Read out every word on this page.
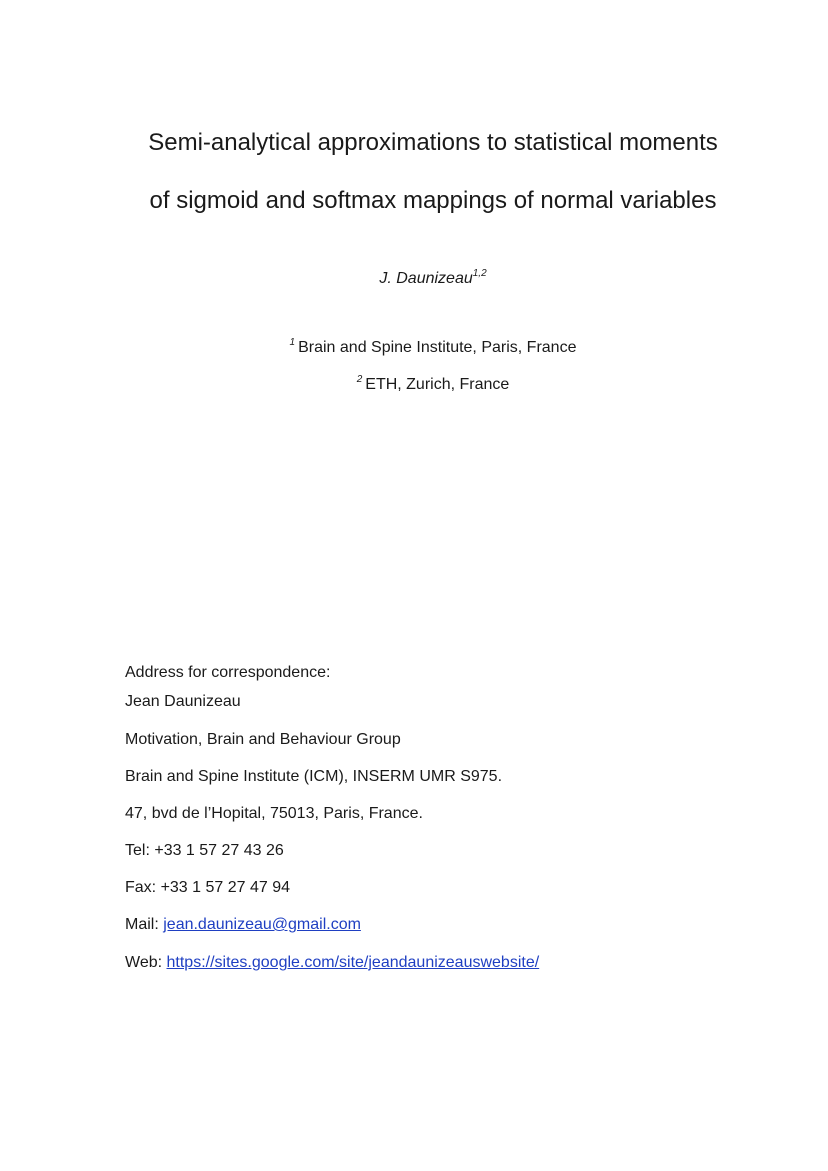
Semi-analytical approximations to statistical moments
of sigmoid and softmax mappings of normal variables
J. Daunizeau$^{1,2}$
$^1$ Brain and Spine Institute, Paris, France
$^2$ ETH, Zurich, France
Address for correspondence:
Jean Daunizeau
Motivation, Brain and Behaviour Group
Brain and Spine Institute (ICM), INSERM UMR S975.
47, bvd de l’Hopital, 75013, Paris, France.
Tel: +33 1 57 27 43 26
Fax: +33 1 57 27 47 94
Mail: jean.daunizeau@gmail.com
Web: https://sites.google.com/site/jeandaunizeauswebsite/
